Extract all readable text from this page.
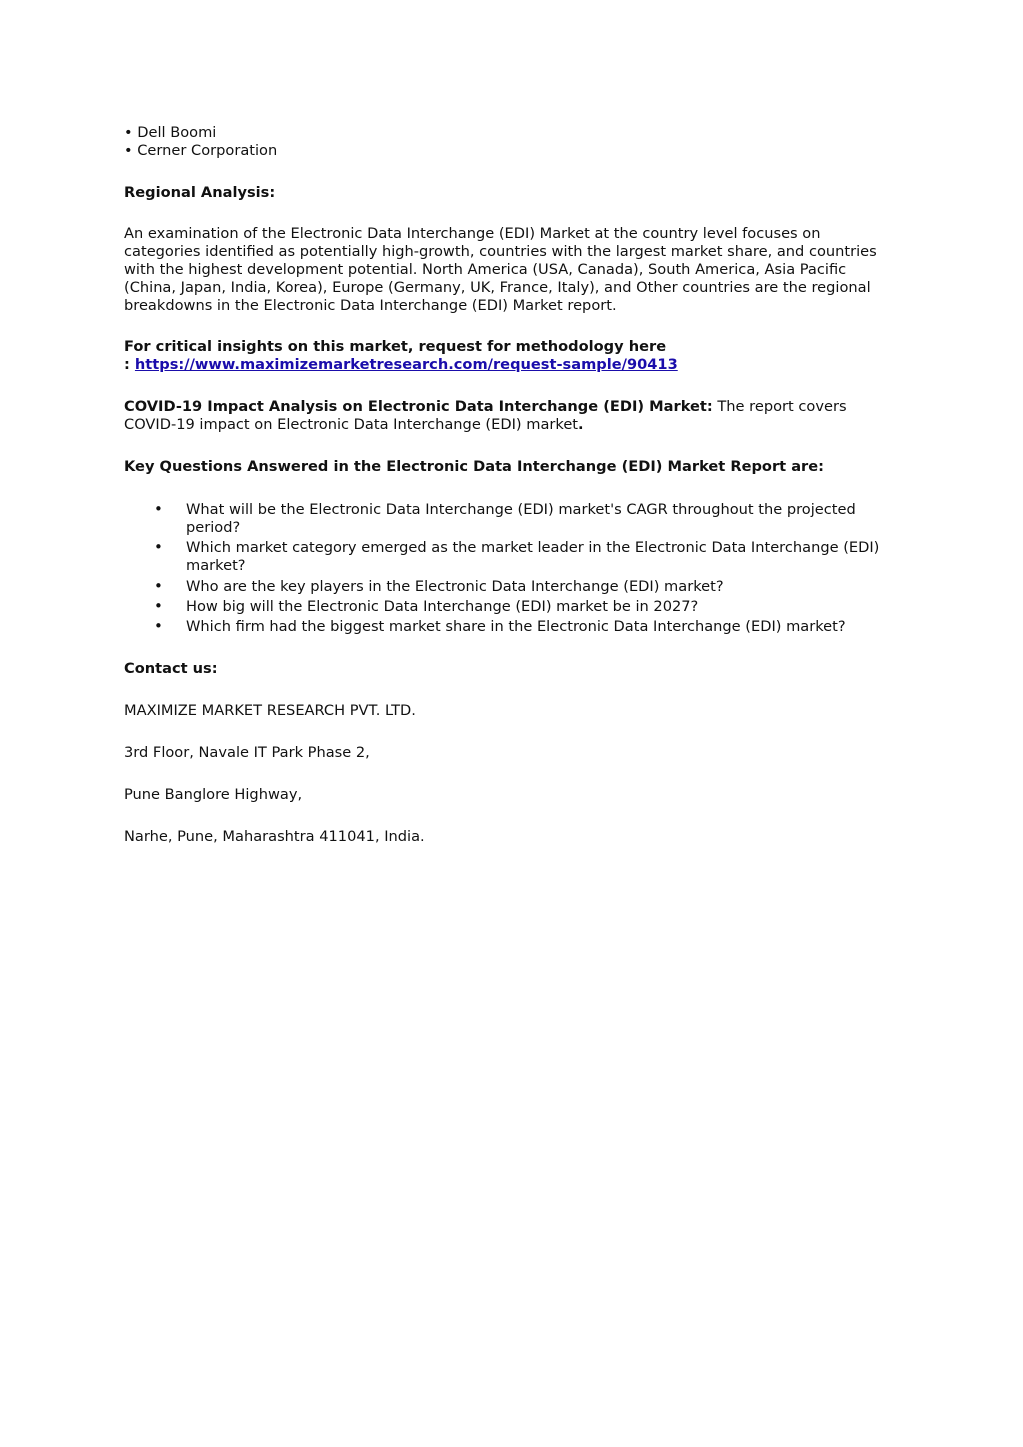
• Dell Boomi

• Cerner Corporation

Regional Analysis:

An examination of the Electronic Data Interchange (EDI) Market at the country level focuses on categories identified as potentially high-growth, countries with the largest market share, and countries with the highest development potential. North America (USA, Canada), South America, Asia Pacific (China, Japan, India, Korea), Europe (Germany, UK, France, Italy), and Other countries are the regional breakdowns in the Electronic Data Interchange (EDI) Market report.

For critical insights on this market, request for methodology here
: https://www.maximizemarketresearch.com/request-sample/90413

COVID-19 Impact Analysis on Electronic Data Interchange (EDI) Market: The report covers COVID-19 impact on Electronic Data Interchange (EDI) market.

Key Questions Answered in the Electronic Data Interchange (EDI) Market Report are:

• What will be the Electronic Data Interchange (EDI) market's CAGR throughout the projected period?
• Which market category emerged as the market leader in the Electronic Data Interchange (EDI) market?
• Who are the key players in the Electronic Data Interchange (EDI) market?
• How big will the Electronic Data Interchange (EDI) market be in 2027?
• Which firm had the biggest market share in the Electronic Data Interchange (EDI) market?

Contact us:

MAXIMIZE MARKET RESEARCH PVT. LTD.

3rd Floor, Navale IT Park Phase 2,

Pune Banglore Highway,

Narhe, Pune, Maharashtra 411041, India.
